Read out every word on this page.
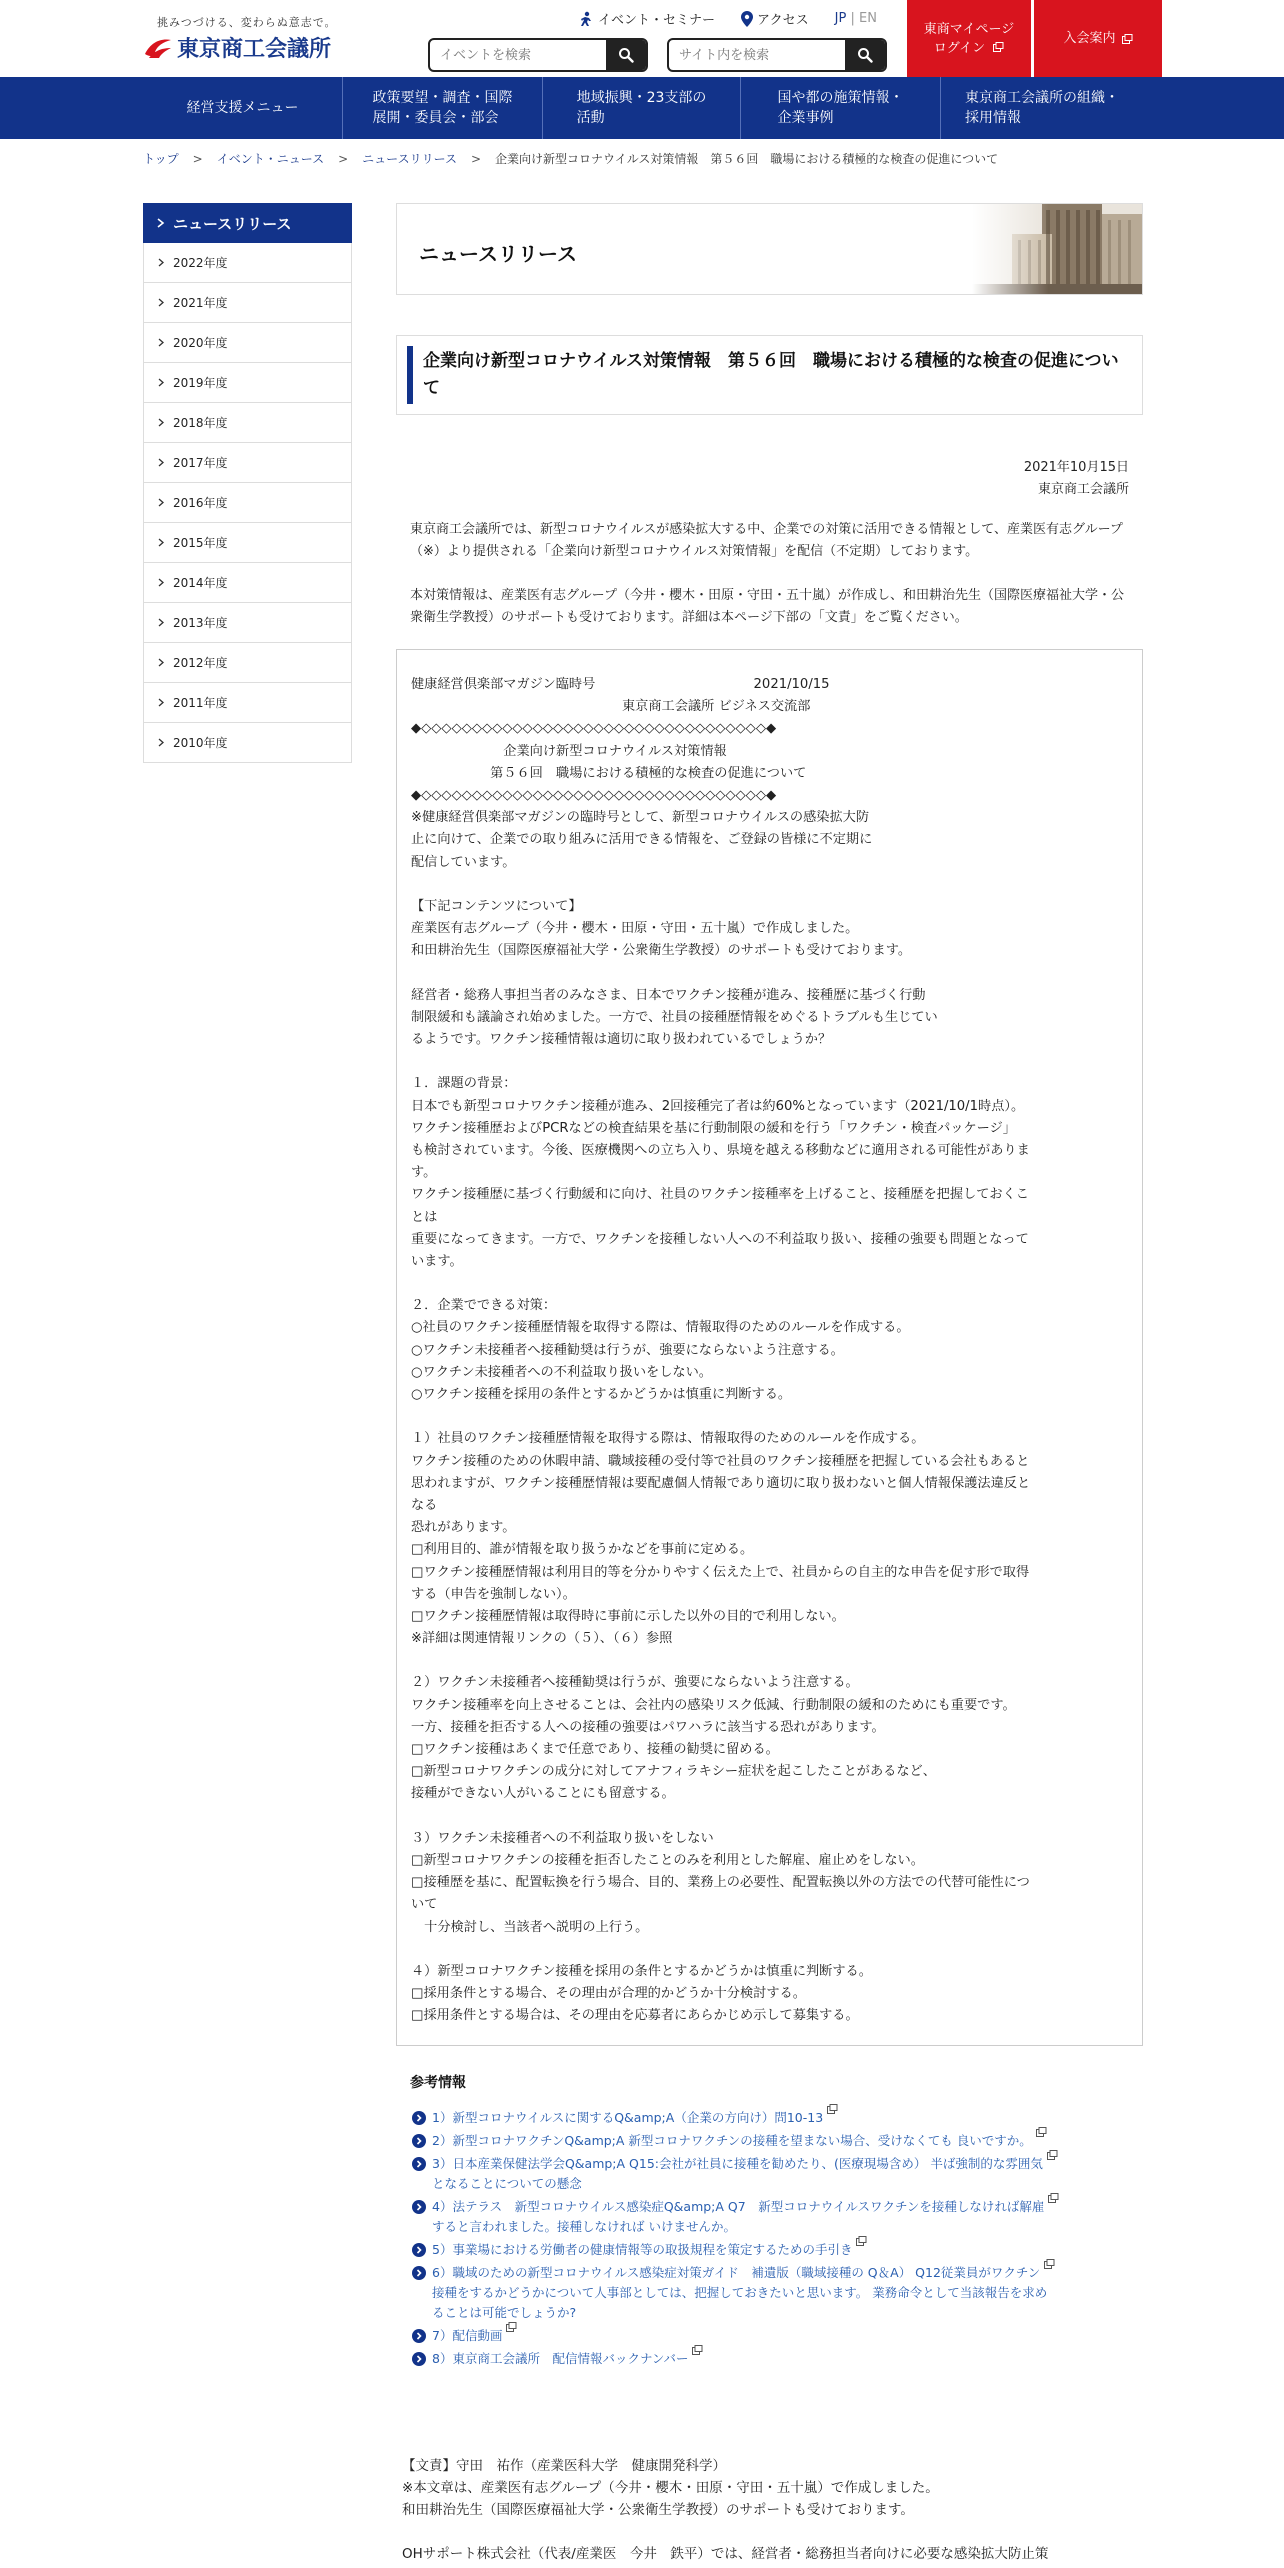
挑みつづける、変わらぬ意志で。
東京商工会議所
イベント・セミナー	アクセス JP | EN
イベントを検索
サイト内を検索
東商マイページ
ログイン
入会案内
経営支援メニュー
政策要望・調査・国際
展開・委員会・部会
地域振興・23支部の
活動
国や都の施策情報・
企業事例
東京商工会議所の組織・
採用情報
トップ > イベント・ニュース > ニュースリリース > 企業向け新型コロナウイルス対策情報　第５６回　職場における積極的な検査の促進について
ニュースリリース
2022年度
2021年度
2020年度
2019年度
2018年度
2017年度
2016年度
2015年度
2014年度
2013年度
2012年度
2011年度
2010年度
ニュースリリース
企業向け新型コロナウイルス対策情報　第５６回　職場における積極的な検査の促進について
2021年10月15日
東京商工会議所

東京商工会議所では、新型コロナウイルスが感染拡大する中、企業での対策に活用できる情報として、産業医有志グループ（※）より提供される「企業向け新型コロナウイルス対策情報」を配信（不定期）しております。

本対策情報は、産業医有志グループ（今井・櫻木・田原・守田・五十嵐）が作成し、和田耕治先生（国際医療福祉大学・公衆衛生学教授）のサポートも受けております。詳細は本ページ下部の「文責」をご覧ください。

健康経営倶楽部マガジン臨時号　　　　　　　　　　　　2021/10/15
　　　　　　　　　　　　　　　　東京商工会議所 ビジネス交流部
◆◇◇◇◇◇◇◇◇◇◇◇◇◇◇◇◇◇◇◇◇◇◇◇◇◇◇◇◇◇◇◇◇◇◇◆
　　　　　　　企業向け新型コロナウイルス対策情報
　　　　　　第５６回　職場における積極的な検査の促進について
◆◇◇◇◇◇◇◇◇◇◇◇◇◇◇◇◇◇◇◇◇◇◇◇◇◇◇◇◇◇◇◇◇◇◇◆
※健康経営倶楽部マガジンの臨時号として、新型コロナウイルスの感染拡大防
止に向けて、企業での取り組みに活用できる情報を、ご登録の皆様に不定期に
配信しています。
【下記コンテンツについて】
産業医有志グループ（今井・櫻木・田原・守田・五十嵐）で作成しました。
和田耕治先生（国際医療福祉大学・公衆衛生学教授）のサポートも受けております。
経営者・総務人事担当者のみなさま、日本でワクチン接種が進み、接種歴に基づく行動
制限緩和も議論され始めました。一方で、社員の接種歴情報をめぐるトラブルも生じてい
るようです。ワクチン接種情報は適切に取り扱われているでしょうか？
１．課題の背景：
日本でも新型コロナワクチン接種が進み、2回接種完了者は約60%となっています（2021/10/1時点）。
ワクチン接種歴およびPCRなどの検査結果を基に行動制限の緩和を行う「ワクチン・検査パッケージ」
も検討されています。今後、医療機関への立ち入り、県境を越える移動などに適用される可能性がありま
す。
ワクチン接種歴に基づく行動緩和に向け、社員のワクチン接種率を上げること、接種歴を把握しておくこ
とは
重要になってきます。一方で、ワクチンを接種しない人への不利益取り扱い、接種の強要も問題となって
います。
２．企業でできる対策：
○社員のワクチン接種歴情報を取得する際は、情報取得のためのルールを作成する。
○ワクチン未接種者へ接種勧奨は行うが、強要にならないよう注意する。
○ワクチン未接種者への不利益取り扱いをしない。
○ワクチン接種を採用の条件とするかどうかは慎重に判断する。
１）社員のワクチン接種歴情報を取得する際は、情報取得のためのルールを作成する。
ワクチン接種のための休暇申請、職域接種の受付等で社員のワクチン接種歴を把握している会社もあると
思われますが、ワクチン接種歴情報は要配慮個人情報であり適切に取り扱わないと個人情報保護法違反と
なる
恐れがあります。
□利用目的、誰が情報を取り扱うかなどを事前に定める。
□ワクチン接種歴情報は利用目的等を分かりやすく伝えた上で、社員からの自主的な申告を促す形で取得
する（申告を強制しない）。
□ワクチン接種歴情報は取得時に事前に示した以外の目的で利用しない。
※詳細は関連情報リンクの（５）、（６）参照
２）ワクチン未接種者へ接種勧奨は行うが、強要にならないよう注意する。
ワクチン接種率を向上させることは、会社内の感染リスク低減、行動制限の緩和のためにも重要です。
一方、接種を拒否する人への接種の強要はパワハラに該当する恐れがあります。
□ワクチン接種はあくまで任意であり、接種の勧奨に留める。
□新型コロナワクチンの成分に対してアナフィラキシー症状を起こしたことがあるなど、
接種ができない人がいることにも留意する。
３）ワクチン未接種者への不利益取り扱いをしない
□新型コロナワクチンの接種を拒否したことのみを利用とした解雇、雇止めをしない。
□接種歴を基に、配置転換を行う場合、目的、業務上の必要性、配置転換以外の方法での代替可能性につ
いて
　十分検討し、当該者へ説明の上行う。
４）新型コロナワクチン接種を採用の条件とするかどうかは慎重に判断する。
□採用条件とする場合、その理由が合理的かどうか十分検討する。
□採用条件とする場合は、その理由を応募者にあらかじめ示して募集する。
参考情報
1）新型コロナウイルスに関するQ&amp;A（企業の方向け）問10-13
2）新型コロナワクチンQ&amp;A 新型コロナワクチンの接種を望まない場合、受けなくても 良いですか。
3）日本産業保健法学会Q&amp;A Q15:会社が社員に接種を勧めたり、(医療現場含め） 半ば強制的な雰囲気
となることについての懸念
4）法テラス　新型コロナウイルス感染症Q&amp;A Q7　新型コロナウイルスワクチンを接種しなければ解雇
すると言われました。接種しなければ いけませんか。
5）事業場における労働者の健康情報等の取扱規程を策定するための手引き
6）職域のための新型コロナウイルス感染症対策ガイド　補遺版（職域接種の Q＆A） Q12従業員がワクチン
接種をするかどうかについて人事部としては、把握しておきたいと思います。 業務命令として当該報告を求め
ることは可能でしょうか?
7）配信動画
8）東京商工会議所　配信情報バックナンバー
【文責】守田　祐作（産業医科大学　健康開発科学）
※本文章は、産業医有志グループ（今井・櫻木・田原・守田・五十嵐）で作成しました。
和田耕治先生（国際医療福祉大学・公衆衛生学教授）のサポートも受けております。
OHサポート株式会社（代表/産業医　今井　鉄平）では、経営者・総務担当者向けに必要な感染拡大防止策
